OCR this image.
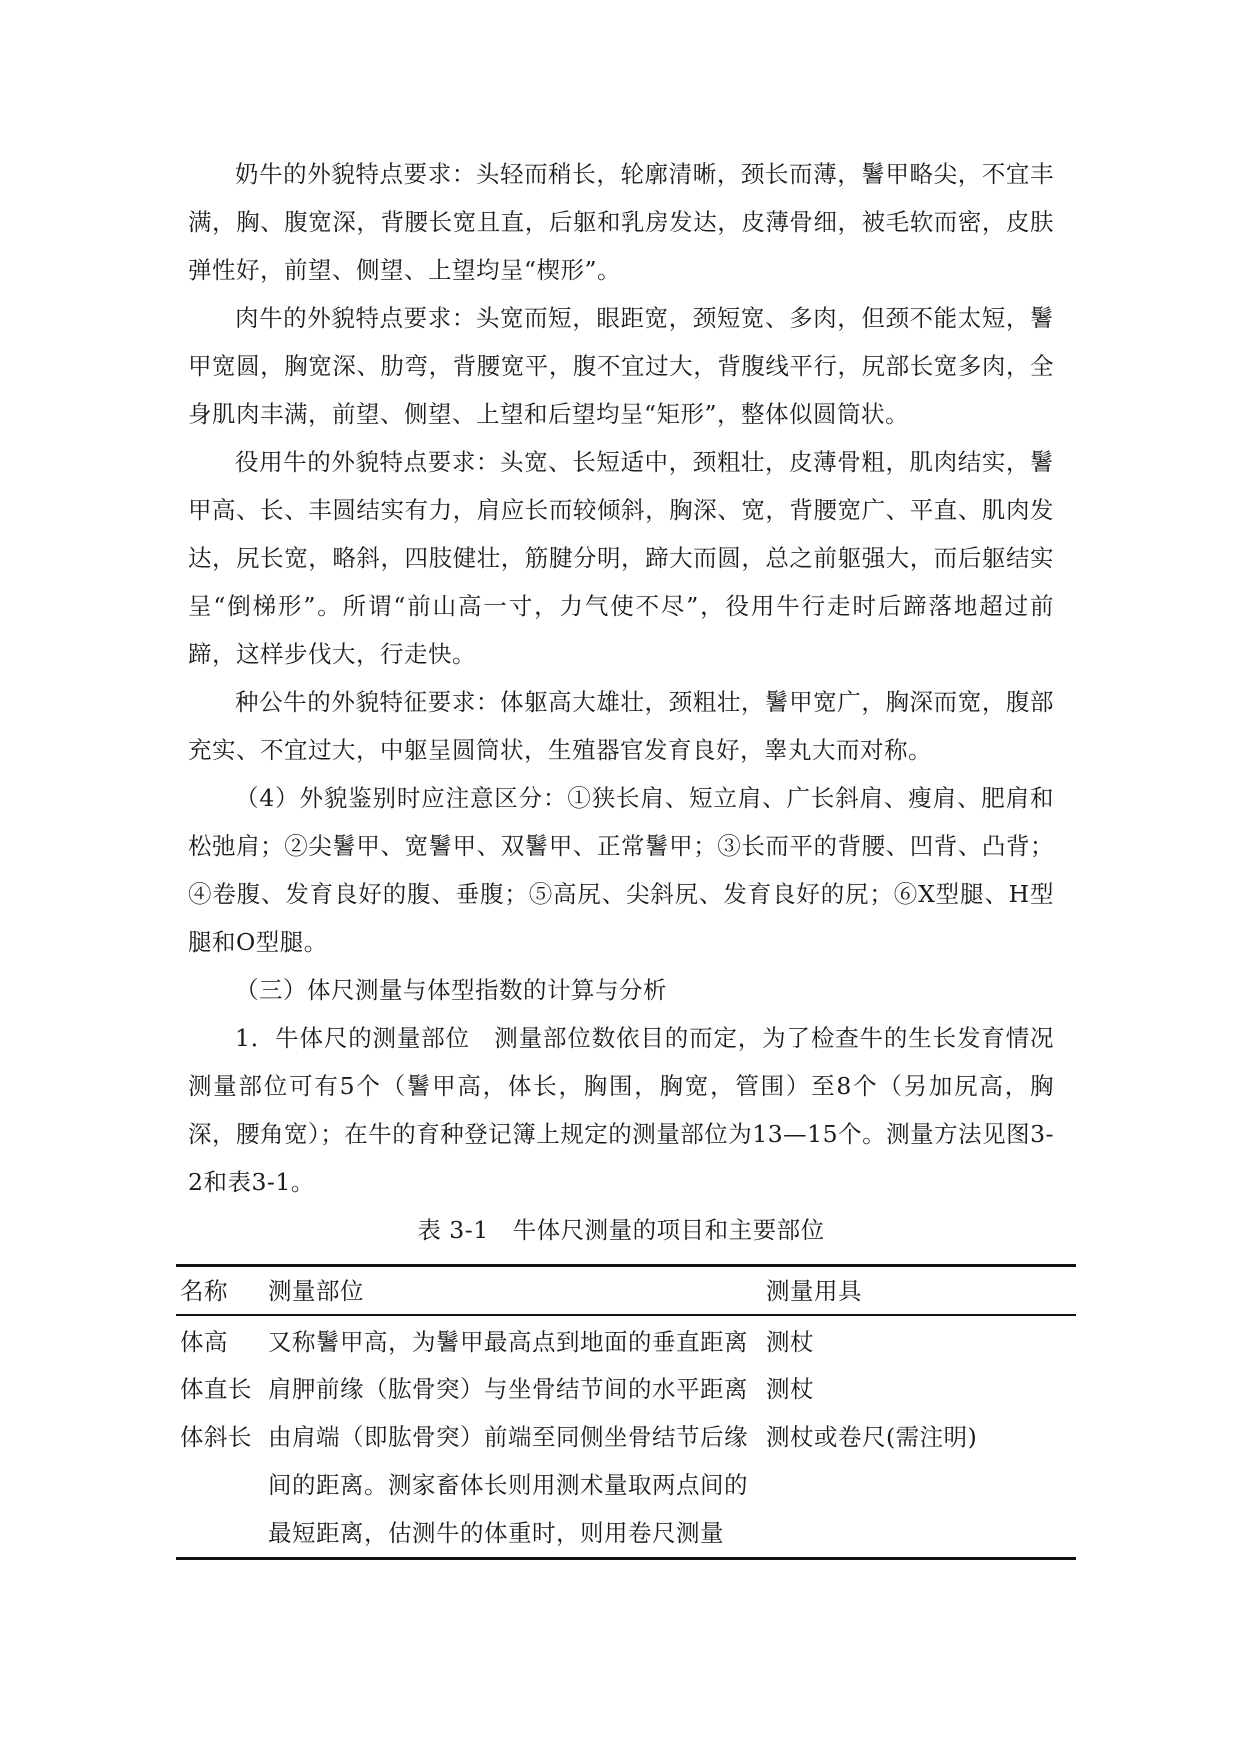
奶牛的外貌特点要求：头轻而稍长，轮廓清晰，颈长而薄，鬐甲略尖，不宜丰满，胸、腹宽深，背腰长宽且直，后躯和乳房发达，皮薄骨细，被毛软而密，皮肤弹性好，前望、侧望、上望均呈“楔形”。

肉牛的外貌特点要求：头宽而短，眼距宽，颈短宽、多肉，但颈不能太短，鬐甲宽圆，胸宽深、肋弯，背腰宽平，腹不宜过大，背腹线平行，尻部长宽多肉，全身肌肉丰满，前望、侧望、上望和后望均呈“矩形”，整体似圆筒状。

役用牛的外貌特点要求：头宽、长短适中，颈粗壮，皮薄骨粗，肌肉结实，鬐甲高、长、丰圆结实有力，肩应长而较倾斜，胸深、宽，背腰宽广、平直、肌肉发达，尻长宽，略斜，四肢健壮，筋腱分明，蹄大而圆，总之前躯强大，而后躯结实呈“倒梯形”。所谓“前山高一寸，力气使不尽”，役用牛行走时后蹄落地超过前蹄，这样步伐大，行走快。

种公牛的外貌特征要求：体躯高大雄壮，颈粗壮，鬐甲宽广，胸深而宽，腹部充实、不宜过大，中躯呈圆筒状，生殖器官发育良好，睾丸大而对称。

（4）外貌鉴别时应注意区分：①狭长肩、短立肩、广长斜肩、瘦肩、肥肩和松弛肩；②尖鬐甲、宽鬐甲、双鬐甲、正常鬐甲；③长而平的背腰、凹背、凸背；④卷腹、发育良好的腹、垂腹；⑤高尻、尖斜尻、发育良好的尻；⑥X型腿、H型腿和O型腿。

（三）体尺测量与体型指数的计算与分析

1．牛体尺的测量部位　测量部位数依目的而定，为了检查牛的生长发育情况测量部位可有5个（鬐甲高，体长，胸围，胸宽，管围）至8个（另加尻高，胸深，腰角宽）；在牛的育种登记簿上规定的测量部位为13—15个。测量方法见图3-2和表3-1。

表 3-1　牛体尺测量的项目和主要部位

名称 测量部位	测量用具
体高 又称鬐甲高，为鬐甲最高点到地面的垂直距离 测杖
体直长 肩胛前缘（肱骨突）与坐骨结节间的水平距离 测杖
体斜长 由肩端（即肱骨突）前端至同侧坐骨结节后缘间的距离。测家畜体长则用测术量取两点间的最短距离，估测牛的体重时，则用卷尺测量
测杖或卷尺(需注明)
